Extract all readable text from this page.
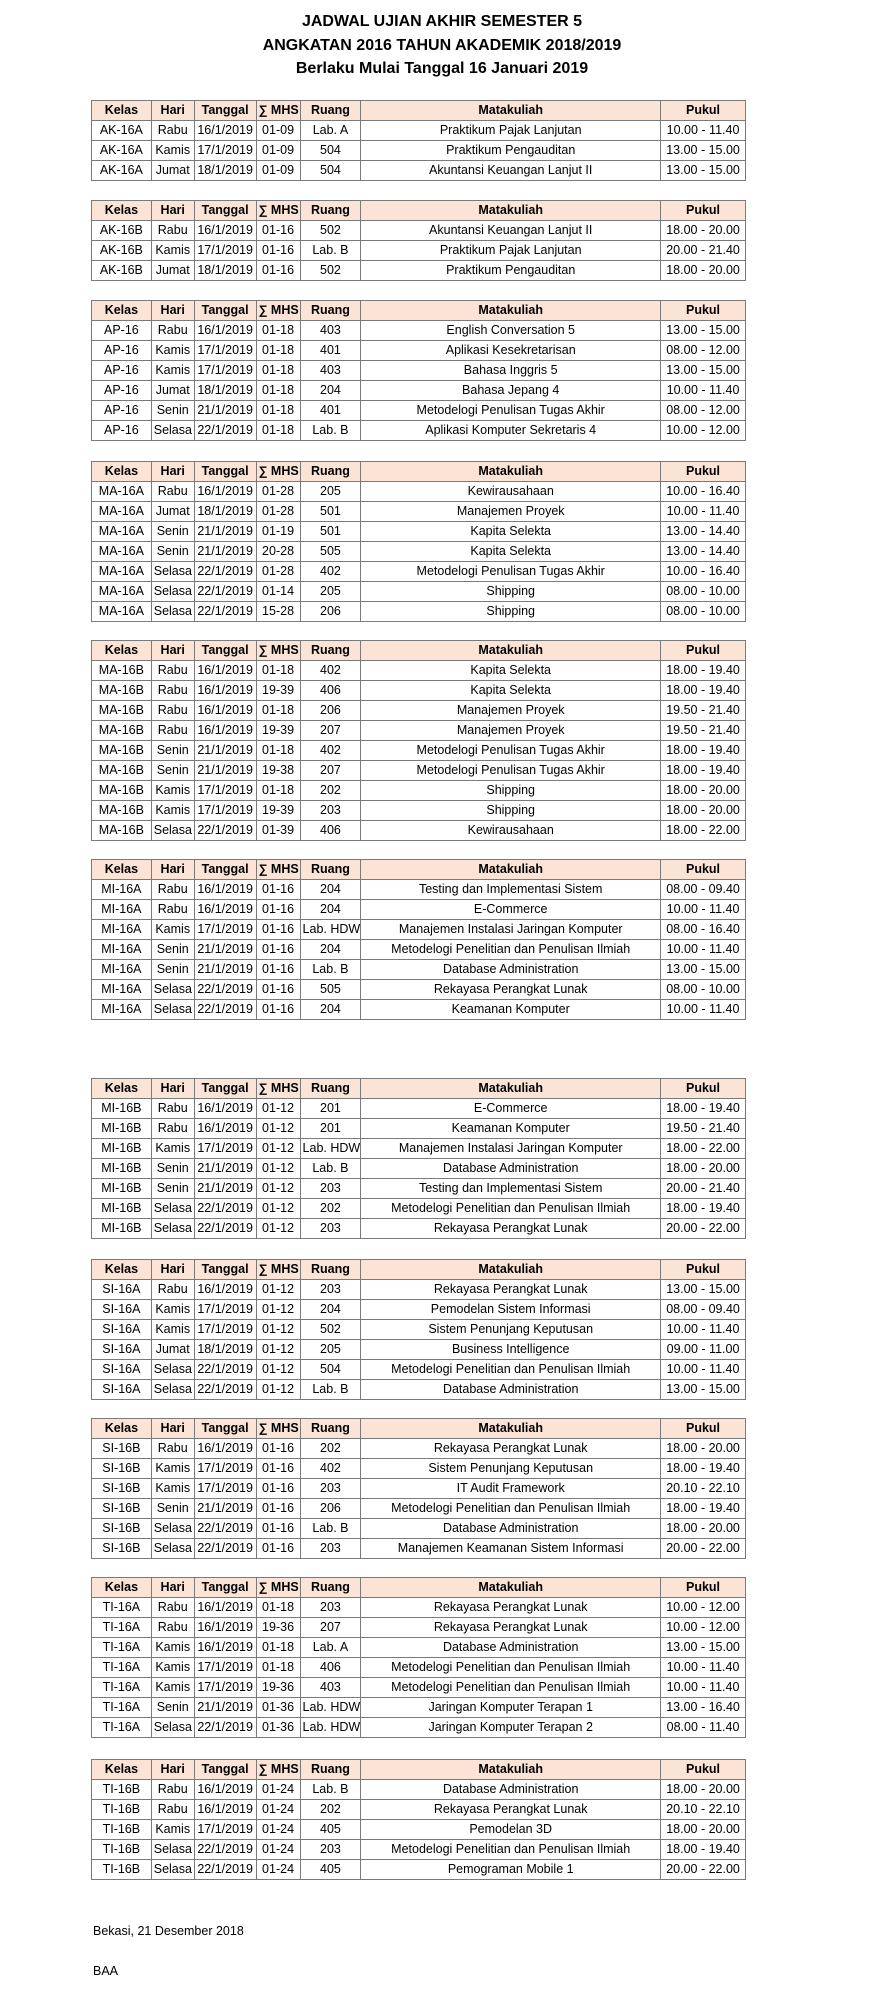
JADWAL UJIAN AKHIR SEMESTER 5
ANGKATAN 2016 TAHUN AKADEMIK 2018/2019
Berlaku Mulai Tanggal 16 Januari 2019
Kelas	Hari	Tanggal	∑ MHS	Ruang	Matakuliah	Pukul
AK-16A	Rabu	16/1/2019	01-09	Lab. A	Praktikum Pajak Lanjutan	10.00 - 11.40
AK-16A	Kamis	17/1/2019	01-09	504	Praktikum Pengauditan	13.00 - 15.00
AK-16A	Jumat	18/1/2019	01-09	504	Akuntansi Keuangan Lanjut II	13.00 - 15.00
Kelas	Hari	Tanggal	∑ MHS	Ruang	Matakuliah	Pukul
AK-16B	Rabu	16/1/2019	01-16	502	Akuntansi Keuangan Lanjut II	18.00 - 20.00
AK-16B	Kamis	17/1/2019	01-16	Lab. B	Praktikum Pajak Lanjutan	20.00 - 21.40
AK-16B	Jumat	18/1/2019	01-16	502	Praktikum Pengauditan	18.00 - 20.00
Kelas	Hari	Tanggal	∑ MHS	Ruang	Matakuliah	Pukul
AP-16	Rabu	16/1/2019	01-18	403	English Conversation 5	13.00 - 15.00
AP-16	Kamis	17/1/2019	01-18	401	Aplikasi Kesekretarisan	08.00 - 12.00
AP-16	Kamis	17/1/2019	01-18	403	Bahasa Inggris 5	13.00 - 15.00
AP-16	Jumat	18/1/2019	01-18	204	Bahasa Jepang 4	10.00 - 11.40
AP-16	Senin	21/1/2019	01-18	401	Metodelogi Penulisan Tugas Akhir	08.00 - 12.00
AP-16	Selasa	22/1/2019	01-18	Lab. B	Aplikasi Komputer Sekretaris 4	10.00 - 12.00
Kelas	Hari	Tanggal	∑ MHS	Ruang	Matakuliah	Pukul
MA-16A	Rabu	16/1/2019	01-28	205	Kewirausahaan	10.00 - 16.40
MA-16A	Jumat	18/1/2019	01-28	501	Manajemen Proyek	10.00 - 11.40
MA-16A	Senin	21/1/2019	01-19	501	Kapita Selekta	13.00 - 14.40
MA-16A	Senin	21/1/2019	20-28	505	Kapita Selekta	13.00 - 14.40
MA-16A	Selasa	22/1/2019	01-28	402	Metodelogi Penulisan Tugas Akhir	10.00 - 16.40
MA-16A	Selasa	22/1/2019	01-14	205	Shipping	08.00 - 10.00
MA-16A	Selasa	22/1/2019	15-28	206	Shipping	08.00 - 10.00
Kelas	Hari	Tanggal	∑ MHS	Ruang	Matakuliah	Pukul
MA-16B	Rabu	16/1/2019	01-18	402	Kapita Selekta	18.00 - 19.40
MA-16B	Rabu	16/1/2019	19-39	406	Kapita Selekta	18.00 - 19.40
MA-16B	Rabu	16/1/2019	01-18	206	Manajemen Proyek	19.50 - 21.40
MA-16B	Rabu	16/1/2019	19-39	207	Manajemen Proyek	19.50 - 21.40
MA-16B	Senin	21/1/2019	01-18	402	Metodelogi Penulisan Tugas Akhir	18.00 - 19.40
MA-16B	Senin	21/1/2019	19-38	207	Metodelogi Penulisan Tugas Akhir	18.00 - 19.40
MA-16B	Kamis	17/1/2019	01-18	202	Shipping	18.00 - 20.00
MA-16B	Kamis	17/1/2019	19-39	203	Shipping	18.00 - 20.00
MA-16B	Selasa	22/1/2019	01-39	406	Kewirausahaan	18.00 - 22.00
Kelas	Hari	Tanggal	∑ MHS	Ruang	Matakuliah	Pukul
MI-16A	Rabu	16/1/2019	01-16	204	Testing dan Implementasi Sistem	08.00 - 09.40
MI-16A	Rabu	16/1/2019	01-16	204	E-Commerce	10.00 - 11.40
MI-16A	Kamis	17/1/2019	01-16	Lab. HDW	Manajemen Instalasi Jaringan Komputer	08.00 - 16.40
MI-16A	Senin	21/1/2019	01-16	204	Metodelogi Penelitian dan Penulisan Ilmiah	10.00 - 11.40
MI-16A	Senin	21/1/2019	01-16	Lab. B	Database Administration	13.00 - 15.00
MI-16A	Selasa	22/1/2019	01-16	505	Rekayasa Perangkat Lunak	08.00 - 10.00
MI-16A	Selasa	22/1/2019	01-16	204	Keamanan Komputer	10.00 - 11.40
Kelas	Hari	Tanggal	∑ MHS	Ruang	Matakuliah	Pukul
MI-16B	Rabu	16/1/2019	01-12	201	E-Commerce	18.00 - 19.40
MI-16B	Rabu	16/1/2019	01-12	201	Keamanan Komputer	19.50 - 21.40
MI-16B	Kamis	17/1/2019	01-12	Lab. HDW	Manajemen Instalasi Jaringan Komputer	18.00 - 22.00
MI-16B	Senin	21/1/2019	01-12	Lab. B	Database Administration	18.00 - 20.00
MI-16B	Senin	21/1/2019	01-12	203	Testing dan Implementasi Sistem	20.00 - 21.40
MI-16B	Selasa	22/1/2019	01-12	202	Metodelogi Penelitian dan Penulisan Ilmiah	18.00 - 19.40
MI-16B	Selasa	22/1/2019	01-12	203	Rekayasa Perangkat Lunak	20.00 - 22.00
Kelas	Hari	Tanggal	∑ MHS	Ruang	Matakuliah	Pukul
SI-16A	Rabu	16/1/2019	01-12	203	Rekayasa Perangkat Lunak	13.00 - 15.00
SI-16A	Kamis	17/1/2019	01-12	204	Pemodelan Sistem Informasi	08.00 - 09.40
SI-16A	Kamis	17/1/2019	01-12	502	Sistem Penunjang Keputusan	10.00 - 11.40
SI-16A	Jumat	18/1/2019	01-12	205	Business Intelligence	09.00 - 11.00
SI-16A	Selasa	22/1/2019	01-12	504	Metodelogi Penelitian dan Penulisan Ilmiah	10.00 - 11.40
SI-16A	Selasa	22/1/2019	01-12	Lab. B	Database Administration	13.00 - 15.00
Kelas	Hari	Tanggal	∑ MHS	Ruang	Matakuliah	Pukul
SI-16B	Rabu	16/1/2019	01-16	202	Rekayasa Perangkat Lunak	18.00 - 20.00
SI-16B	Kamis	17/1/2019	01-16	402	Sistem Penunjang Keputusan	18.00 - 19.40
SI-16B	Kamis	17/1/2019	01-16	203	IT Audit Framework	20.10 - 22.10
SI-16B	Senin	21/1/2019	01-16	206	Metodelogi Penelitian dan Penulisan Ilmiah	18.00 - 19.40
SI-16B	Selasa	22/1/2019	01-16	Lab. B	Database Administration	18.00 - 20.00
SI-16B	Selasa	22/1/2019	01-16	203	Manajemen Keamanan Sistem Informasi	20.00 - 22.00
Kelas	Hari	Tanggal	∑ MHS	Ruang	Matakuliah	Pukul
TI-16A	Rabu	16/1/2019	01-18	203	Rekayasa Perangkat Lunak	10.00 - 12.00
TI-16A	Rabu	16/1/2019	19-36	207	Rekayasa Perangkat Lunak	10.00 - 12.00
TI-16A	Kamis	16/1/2019	01-18	Lab. A	Database Administration	13.00 - 15.00
TI-16A	Kamis	17/1/2019	01-18	406	Metodelogi Penelitian dan Penulisan Ilmiah	10.00 - 11.40
TI-16A	Kamis	17/1/2019	19-36	403	Metodelogi Penelitian dan Penulisan Ilmiah	10.00 - 11.40
TI-16A	Senin	21/1/2019	01-36	Lab. HDW	Jaringan Komputer Terapan 1	13.00 - 16.40
TI-16A	Selasa	22/1/2019	01-36	Lab. HDW	Jaringan Komputer Terapan 2	08.00 - 11.40
Kelas	Hari	Tanggal	∑ MHS	Ruang	Matakuliah	Pukul
TI-16B	Rabu	16/1/2019	01-24	Lab. B	Database Administration	18.00 - 20.00
TI-16B	Rabu	16/1/2019	01-24	202	Rekayasa Perangkat Lunak	20.10 - 22.10
TI-16B	Kamis	17/1/2019	01-24	405	Pemodelan 3D	18.00 - 20.00
TI-16B	Selasa	22/1/2019	01-24	203	Metodelogi Penelitian dan Penulisan Ilmiah	18.00 - 19.40
TI-16B	Selasa	22/1/2019	01-24	405	Pemograman Mobile 1	20.00 - 22.00
Bekasi, 21 Desember 2018
BAA
